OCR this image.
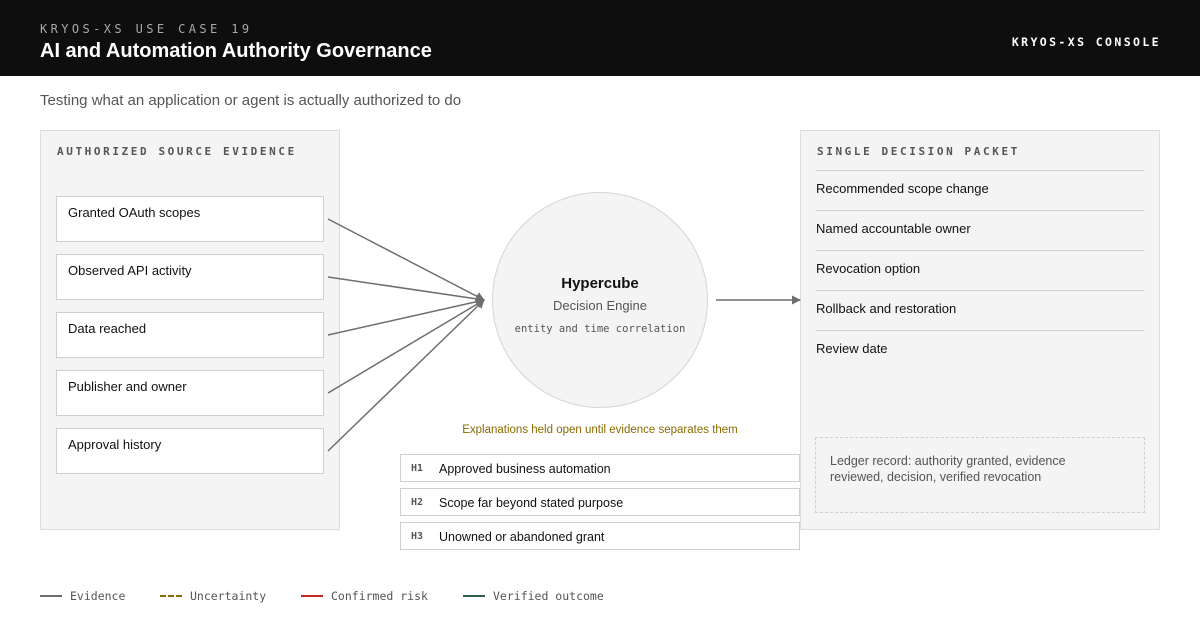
KRYOS-XS USE CASE 19
AI and Automation Authority Governance	KRYOS-XS CONSOLE
Testing what an application or agent is actually authorized to do
AUTHORIZED SOURCE EVIDENCE
Granted OAuth scopes
Observed API activity
Data reached
Publisher and owner
Approval history
SINGLE DECISION PACKET
Recommended scope change
Named accountable owner
Revocation option
Rollback and restoration
Review date
Ledger record: authority granted, evidence reviewed, decision, verified revocation
Hypercube
Decision Engine
entity and time correlation
Explanations held open until evidence separates them
H1 Approved business automation
H2 Scope far beyond stated purpose
H3 Unowned or abandoned grant
Evidence	Uncertainty	Confirmed risk	Verified outcome
